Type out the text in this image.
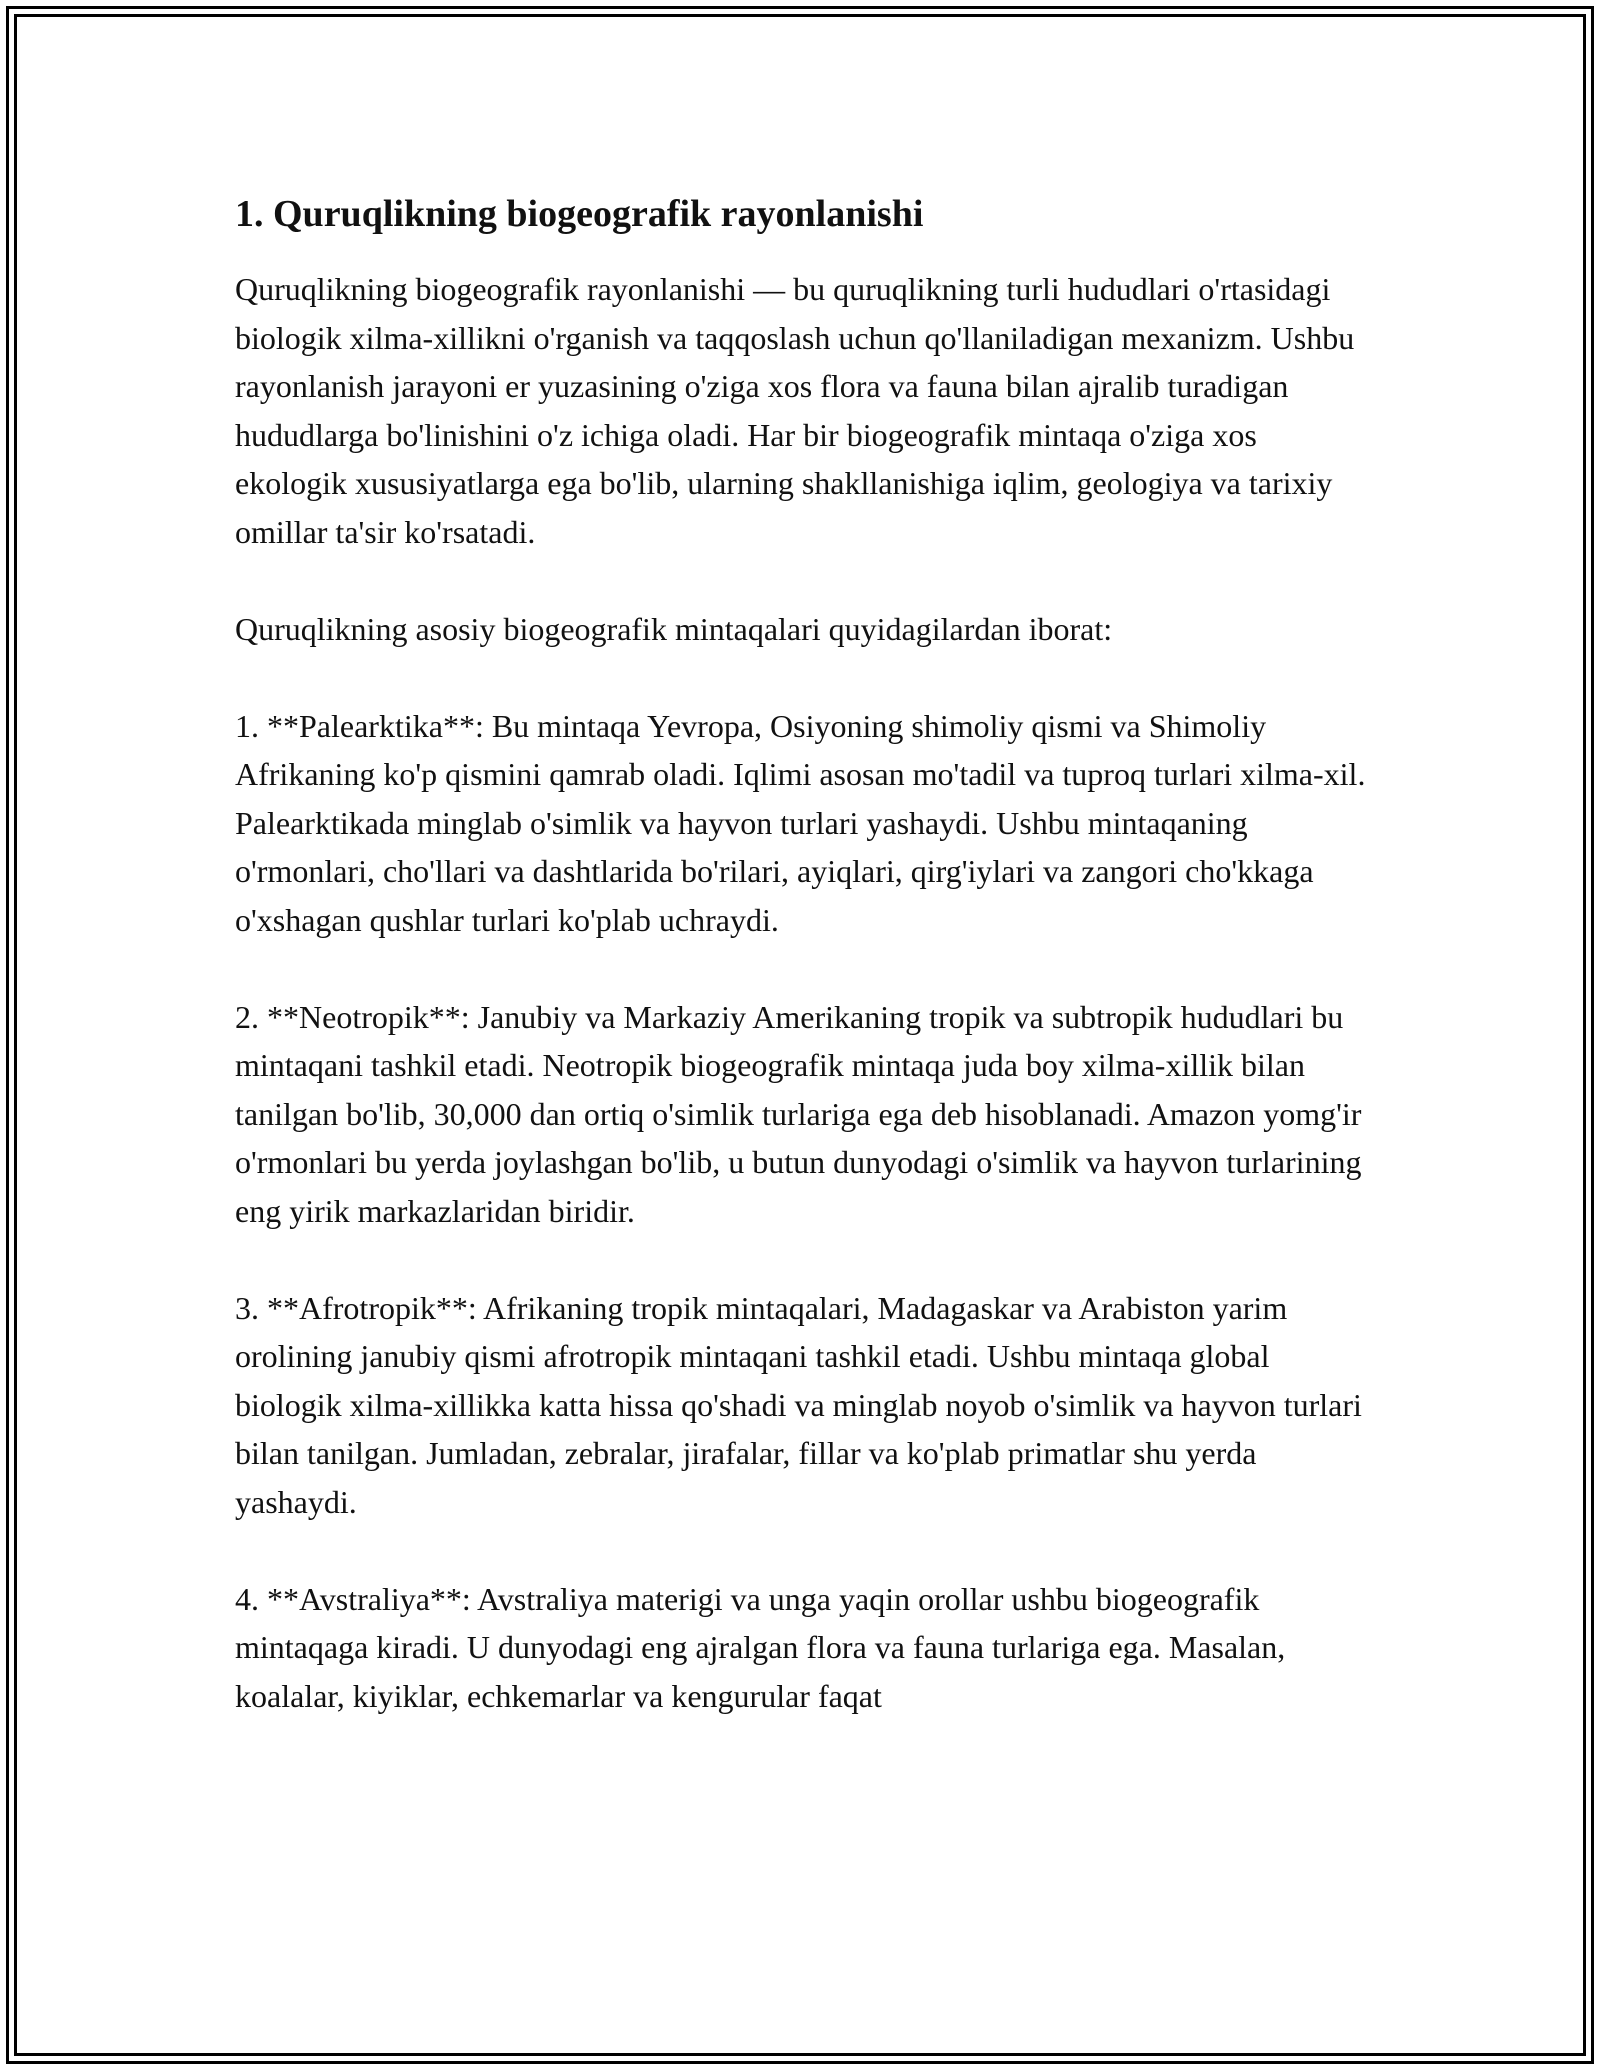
1. Quruqlikning biogeografik rayonlanishi

Quruqlikning biogeografik rayonlanishi — bu quruqlikning turli hududlari o'rtasidagi biologik xilma-xillikni o'rganish va taqqoslash uchun qo'llaniladigan mexanizm. Ushbu rayonlanish jarayoni er yuzasining o'ziga xos flora va fauna bilan ajralib turadigan hududlarga bo'linishini o'z ichiga oladi. Har bir biogeografik mintaqa o'ziga xos ekologik xususiyatlarga ega bo'lib, ularning shakllanishiga iqlim, geologiya va tarixiy omillar ta'sir ko'rsatadi.

Quruqlikning asosiy biogeografik mintaqalari quyidagilardan iborat:

1. **Palearktika**: Bu mintaqa Yevropa, Osiyoning shimoliy qismi va Shimoliy Afrikaning ko'p qismini qamrab oladi. Iqlimi asosan mo'tadil va tuproq turlari xilma-xil. Palearktikada minglab o'simlik va hayvon turlari yashaydi. Ushbu mintaqaning o'rmonlari, cho'llari va dashtlarida bo'rilari, ayiqlari, qirg'iylari va zangori cho'kkaga o'xshagan qushlar turlari ko'plab uchraydi.

2. **Neotropik**: Janubiy va Markaziy Amerikaning tropik va subtropik hududlari bu mintaqani tashkil etadi. Neotropik biogeografik mintaqa juda boy xilma-xillik bilan tanilgan bo'lib, 30,000 dan ortiq o'simlik turlariga ega deb hisoblanadi. Amazon yomg'ir o'rmonlari bu yerda joylashgan bo'lib, u butun dunyodagi o'simlik va hayvon turlarining eng yirik markazlaridan biridir.

3. **Afrotropik**: Afrikaning tropik mintaqalari, Madagaskar va Arabiston yarim orolining janubiy qismi afrotropik mintaqani tashkil etadi. Ushbu mintaqa global biologik xilma-xillikka katta hissa qo'shadi va minglab noyob o'simlik va hayvon turlari bilan tanilgan. Jumladan, zebralar, jirafalar, fillar va ko'plab primatlar shu yerda yashaydi.

4. **Avstraliya**: Avstraliya materigi va unga yaqin orollar ushbu biogeografik mintaqaga kiradi. U dunyodagi eng ajralgan flora va fauna turlariga ega. Masalan, koalalar, kiyiklar, echkemarlar va kengurular faqat
